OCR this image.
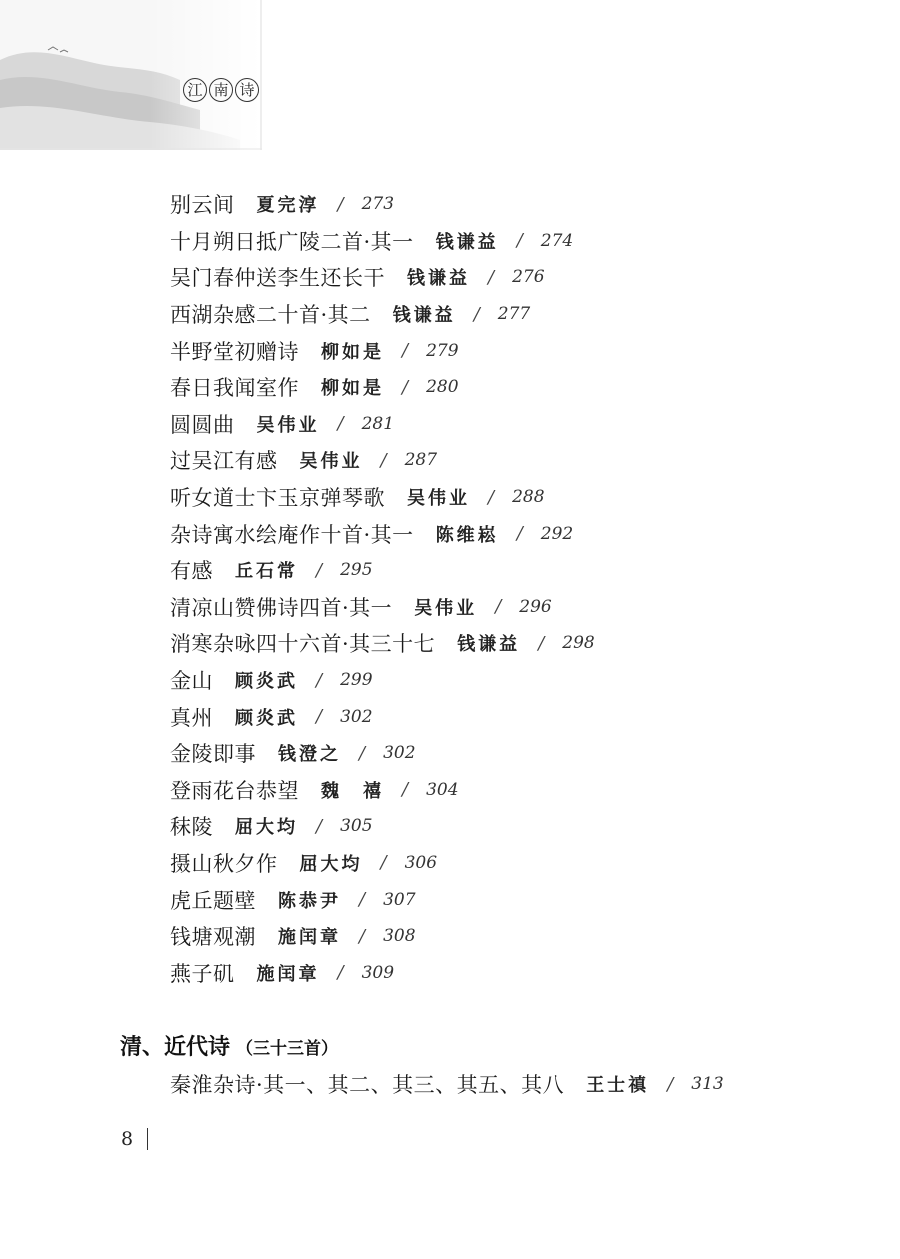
江 南 诗
别云间 夏完淳 / 273
十月朔日抵广陵二首·其一 钱谦益 / 274
吴门春仲送李生还长干 钱谦益 / 276
西湖杂感二十首·其二 钱谦益 / 277
半野堂初赠诗 柳如是 / 279
春日我闻室作 柳如是 / 280
圆圆曲 吴伟业 / 281
过吴江有感 吴伟业 / 287
听女道士卞玉京弹琴歌 吴伟业 / 288
杂诗寓水绘庵作十首·其一 陈维崧 / 292
有感 丘石常 / 295
清凉山赞佛诗四首·其一 吴伟业 / 296
消寒杂咏四十六首·其三十七 钱谦益 / 298
金山 顾炎武 / 299
真州 顾炎武 / 302
金陵即事 钱澄之 / 302
登雨花台恭望 魏　禧 / 304
秣陵 屈大均 / 305
摄山秋夕作 屈大均 / 306
虎丘题壁 陈恭尹 / 307
钱塘观潮 施闰章 / 308
燕子矶 施闰章 / 309
清、近代诗 （三十三首）
秦淮杂诗·其一、其二、其三、其五、其八 王士禛 / 313
8
